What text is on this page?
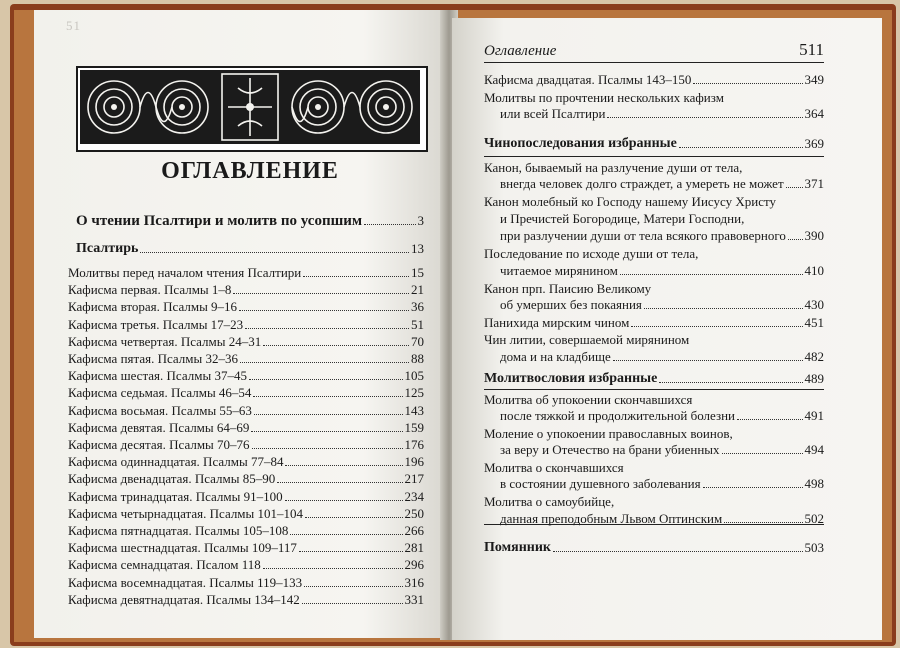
51
ОГЛАВЛЕНИЕ
О чтении Псалтири и молитв по усопшим	3
Псалтирь	13
Молитвы перед началом чтения Псалтири	15
Кафисма первая. Псалмы 1–8	21
Кафисма вторая. Псалмы 9–16	36
Кафисма третья. Псалмы 17–23	51
Кафисма четвертая. Псалмы 24–31	70
Кафисма пятая. Псалмы 32–36	88
Кафисма шестая. Псалмы 37–45	105
Кафисма седьмая. Псалмы 46–54	125
Кафисма восьмая. Псалмы 55–63	143
Кафисма девятая. Псалмы 64–69	159
Кафисма десятая. Псалмы 70–76	176
Кафисма одиннадцатая. Псалмы 77–84	196
Кафисма двенадцатая. Псалмы 85–90	217
Кафисма тринадцатая. Псалмы 91–100	234
Кафисма четырнадцатая. Псалмы 101–104	250
Кафисма пятнадцатая. Псалмы 105–108	266
Кафисма шестнадцатая. Псалмы 109–117	281
Кафисма семнадцатая. Псалом 118	296
Кафисма восемнадцатая. Псалмы 119–133	316
Кафисма девятнадцатая. Псалмы 134–142	331
Оглавление	511
Кафисма двадцатая. Псалмы 143–150	349
Молитвы по прочтении нескольких кафизм
или всей Псалтири	364
Чинопоследования избранные	369
Канон, бываемый на разлучение души от тела,
внегда человек долго страждет, а умереть не может 371
Канон молебный ко Господу нашему Иисусу Христу
и Пречистей Богородице, Матери Господни,
при разлучении души от тела всякого правоверного 390
Последование по исходе души от тела,
читаемое мирянином	410
Канон прп. Паисию Великому
об умерших без покаяния	430
Панихида мирским чином	451
Чин литии, совершаемой мирянином
дома и на кладбище	482
Молитвословия избранные	489
Молитва об упокоении скончавшихся
после тяжкой и продолжительной болезни	491
Моление о упокоении православных воинов,
за веру и Отечество на брани убиенных	494
Молитва о скончавшихся
в состоянии душевного заболевания	498
Молитва о самоубийце,
данная преподобным Львом Оптинским	502
Помянник	503
